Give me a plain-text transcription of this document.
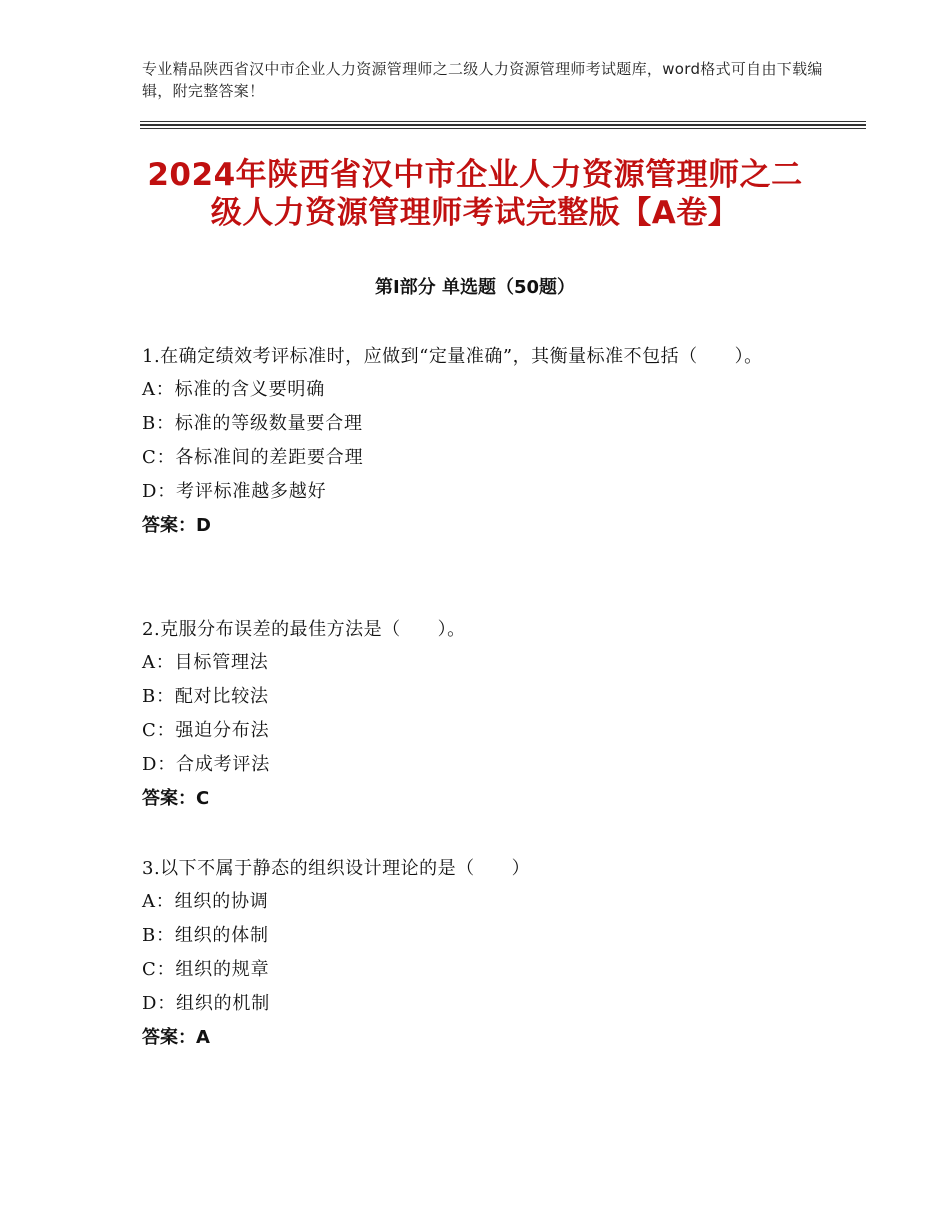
专业精品陕西省汉中市企业人力资源管理师之二级人力资源管理师考试题库，word格式可自由下载编辑，附完整答案！
2024年陕西省汉中市企业人力资源管理师之二级人力资源管理师考试完整版【A卷】
第Ⅰ部分 单选题（50题）

1.在确定绩效考评标准时，应做到“定量准确”，其衡量标准不包括（　　）。

A：标准的含义要明确

B：标准的等级数量要合理

C：各标准间的差距要合理

D：考评标准越多越好

答案：D

2.克服分布误差的最佳方法是（　　）。

A：目标管理法

B：配对比较法

C：强迫分布法

D：合成考评法

答案：C

3.以下不属于静态的组织设计理论的是（　　）

A：组织的协调

B：组织的体制

C：组织的规章

D：组织的机制

答案：A
